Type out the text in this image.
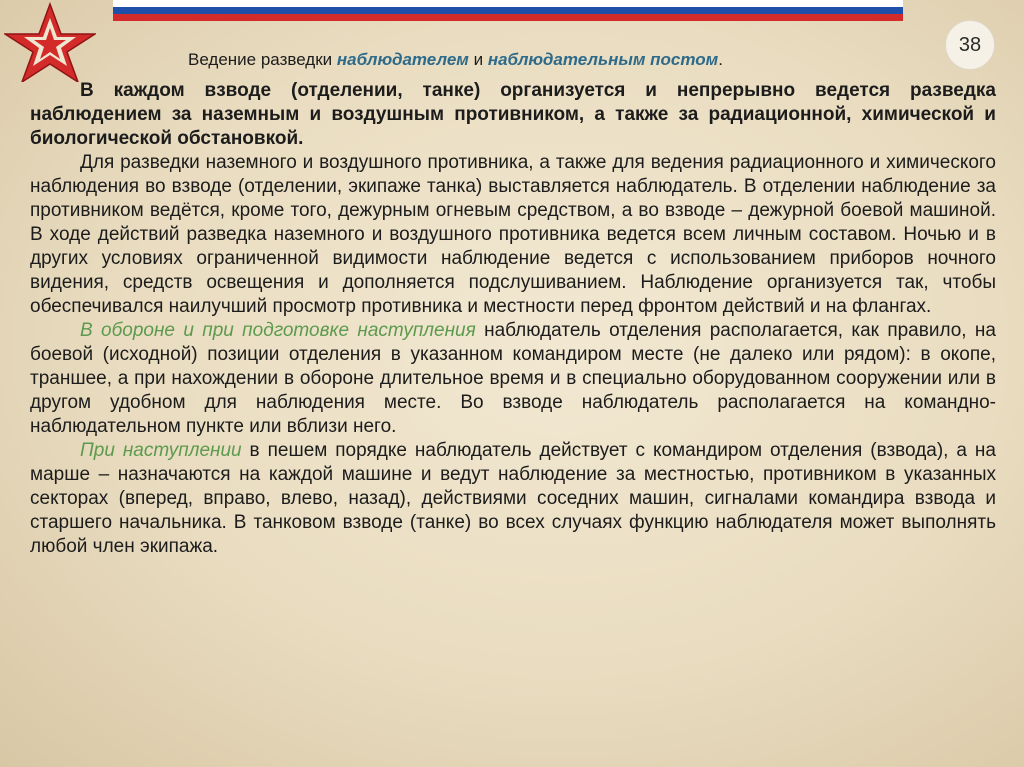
38
Ведение разведки наблюдателем и наблюдательным постом.

В каждом взводе (отделении, танке) организуется и непрерывно ведется разведка наблюдением за наземным и воздушным противником, а также за радиационной, химической и биологической обстановкой.

Для разведки наземного и воздушного противника, а также для ведения радиационного и химического наблюдения во взводе (отделении, экипаже танка) выставляется наблюдатель. В отделении наблюдение за противником ведётся, кроме того, дежурным огневым средством, а во взводе – дежурной боевой машиной. В ходе действий разведка наземного и воздушного противника ведется всем личным составом. Ночью и в других условиях ограниченной видимости наблюдение ведется с использованием приборов ночного видения, средств освещения и дополняется подслушиванием. Наблюдение организуется так, чтобы обеспечивался наилучший просмотр противника и местности перед фронтом действий и на флангах.

В обороне и при подготовке наступления наблюдатель отделения располагается, как правило, на боевой (исходной) позиции отделения в указанном командиром месте (не далеко или рядом): в окопе, траншее, а при нахождении в обороне длительное время и в специально оборудованном сооружении или в другом удобном для наблюдения месте. Во взводе наблюдатель располагается на командно-наблюдательном пункте или вблизи него.

При наступлении в пешем порядке наблюдатель действует с командиром отделения (взвода), а на марше – назначаются на каждой машине и ведут наблюдение за местностью, противником в указанных секторах (вперед, вправо, влево, назад), действиями соседних машин, сигналами командира взвода и старшего начальника. В танковом взводе (танке) во всех случаях функцию наблюдателя может выполнять любой член экипажа.
